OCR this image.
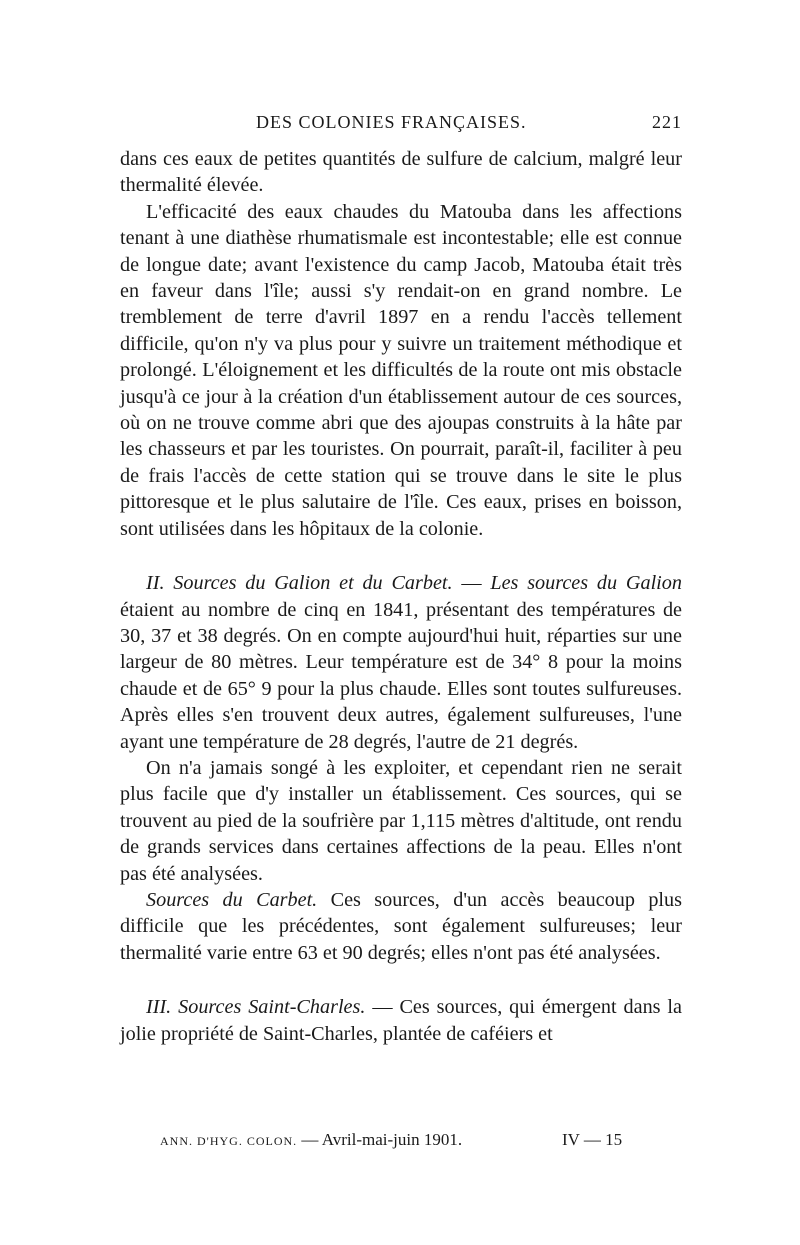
DES COLONIES FRANÇAISES.	221

dans ces eaux de petites quantités de sulfure de calcium, malgré leur thermalité élevée.

L'efficacité des eaux chaudes du Matouba dans les affections tenant à une diathèse rhumatismale est incontestable; elle est connue de longue date; avant l'existence du camp Jacob, Matouba était très en faveur dans l'île; aussi s'y rendait-on en grand nombre. Le tremblement de terre d'avril 1897 en a rendu l'accès tellement difficile, qu'on n'y va plus pour y suivre un traitement méthodique et prolongé. L'éloignement et les difficultés de la route ont mis obstacle jusqu'à ce jour à la création d'un établissement autour de ces sources, où on ne trouve comme abri que des ajoupas construits à la hâte par les chasseurs et par les touristes. On pourrait, paraît-il, faciliter à peu de frais l'accès de cette station qui se trouve dans le site le plus pittoresque et le plus salutaire de l'île. Ces eaux, prises en boisson, sont utilisées dans les hôpitaux de la colonie.

II. Sources du Galion et du Carbet. — Les sources du Galion étaient au nombre de cinq en 1841, présentant des températures de 30, 37 et 38 degrés. On en compte aujourd'hui huit, réparties sur une largeur de 80 mètres. Leur température est de 34° 8 pour la moins chaude et de 65° 9 pour la plus chaude. Elles sont toutes sulfureuses. Après elles s'en trouvent deux autres, également sulfureuses, l'une ayant une température de 28 degrés, l'autre de 21 degrés.

On n'a jamais songé à les exploiter, et cependant rien ne serait plus facile que d'y installer un établissement. Ces sources, qui se trouvent au pied de la soufrière par 1,115 mètres d'altitude, ont rendu de grands services dans certaines affections de la peau. Elles n'ont pas été analysées.

Sources du Carbet. Ces sources, d'un accès beaucoup plus difficile que les précédentes, sont également sulfureuses; leur thermalité varie entre 63 et 90 degrés; elles n'ont pas été analysées.

III. Sources Saint-Charles. — Ces sources, qui émergent dans la jolie propriété de Saint-Charles, plantée de caféiers et

ANN. D'HYG. COLON. — Avril-mai-juin 1901.	IV — 15
